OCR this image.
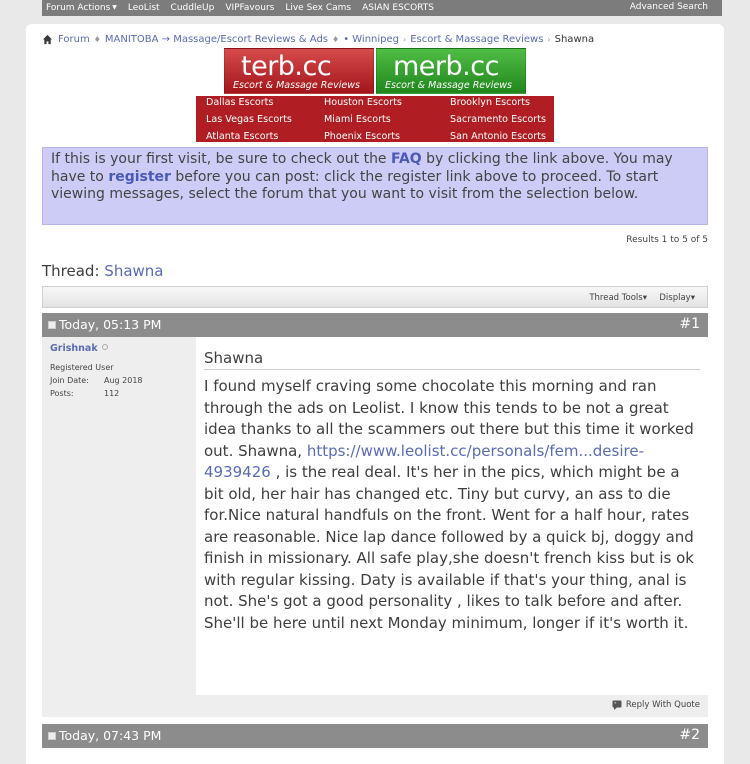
Forum Actions ▼ LeoList CuddleUp VIPFavours Live Sex Cams ASIAN ESCORTS	Advanced Search
Forum ♦ MANITOBA → Massage/Escort Reviews & Ads ♦ • Winnipeg › Escort & Massage Reviews › Shawna
terb.cc
Escort & Massage Reviews
merb.cc
Escort & Massage Reviews
Dallas Escorts	Houston Escorts	Brooklyn Escorts
Las Vegas Escorts	Miami Escorts	Sacramento Escorts
Atlanta Escorts	Phoenix Escorts	San Antonio Escorts
If this is your first visit, be sure to check out the FAQ by clicking the link above. You may have to register before you can post: click the register link above to proceed. To start viewing messages, select the forum that you want to visit from the selection below.
Results 1 to 5 of 5
Thread: Shawna
Thread Tools▾ Display▾
Today, 05:13 PM	#1
Grishnak
Registered User
Join Date:	Aug 2018
Posts:	112
Shawna
I found myself craving some chocolate this morning and ran through the ads on Leolist. I know this tends to be not a great idea thanks to all the scammers out there but this time it worked out. Shawna, https://www.leolist.cc/personals/fem...desire-4939426 , is the real deal. It's her in the pics, which might be a bit old, her hair has changed etc. Tiny but curvy, an ass to die for.Nice natural handfuls on the front. Went for a half hour, rates are reasonable. Nice lap dance followed by a quick bj, doggy and finish in missionary. All safe play,she doesn't french kiss but is ok with regular kissing. Daty is available if that's your thing, anal is not. She's got a good personality , likes to talk before and after. She'll be here until next Monday minimum, longer if it's worth it.
" Reply With Quote
Today, 07:43 PM	#2
